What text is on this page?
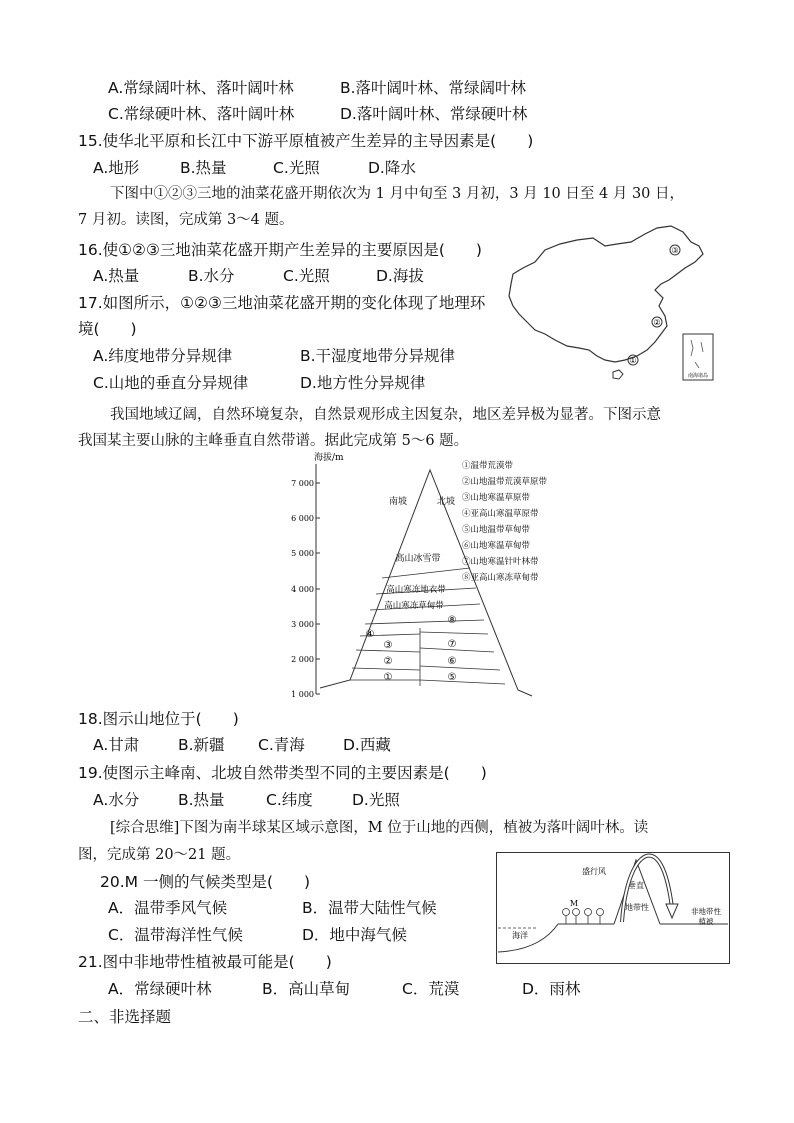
A.常绿阔叶林、落叶阔叶林	B.落叶阔叶林、常绿阔叶林
C.常绿硬叶林、落叶阔叶林	D.落叶阔叶林、常绿硬叶林
15.使华北平原和长江中下游平原植被产生差异的主导因素是(　　)
A.地形	B.热量	C.光照	D.降水
下图中①②③三地的油菜花盛开期依次为 1 月中旬至 3 月初，3 月 10 日至 4 月 30 日，
7 月初。读图，完成第 3～4 题。
16.使①②③三地油菜花盛开期产生差异的主要原因是(　　)
A.热量	B.水分	C.光照	D.海拔
17.如图所示，①②③三地油菜花盛开期的变化体现了地理环
境(　　)
A.纬度地带分异规律	B.干湿度地带分异规律
C.山地的垂直分异规律	D.地方性分异规律
③
②
①
南海诸岛
我国地域辽阔，自然环境复杂，自然景观形成主因复杂，地区差异极为显著。下图示意
我国某主要山脉的主峰垂直自然带谱。据此完成第 5～6 题。
海拔/m
7 000
6 000
5 000
4 000
3 000
2 000
1 000
南坡	北坡
高山冰雪带
高山寒冻地衣带
高山寒冻草甸带
⑧
④
③	⑦
②	⑥
①	⑤
①温带荒漠带
②山地温带荒漠草原带
③山地寒温草原带
④亚高山寒温草原带
⑤山地温带草甸带
⑥山地寒温草甸带
⑦山地寒温针叶林带
⑧亚高山寒冻草甸带
18.图示山地位于(　　)
A.甘肃 B.新疆 C.青海 D.西藏
19.使图示主峰南、北坡自然带类型不同的主要因素是(　　)
A.水分 B.热量	C.纬度	D.光照
[综合思维]下图为南半球某区域示意图，M 位于山地的西侧，植被为落叶阔叶林。读
图，完成第 20～21 题。
20.M 一侧的气候类型是(　　)
A．温带季风气候	B．温带大陆性气候
C．温带海洋性气候	D．地中海气候	海洋
M
垂直
地带性
盛行风
非地带性
植被
21.图中非地带性植被最可能是(　　)
A．常绿硬叶林	B．高山草甸	C．荒漠	D．雨林
二、非选择题
